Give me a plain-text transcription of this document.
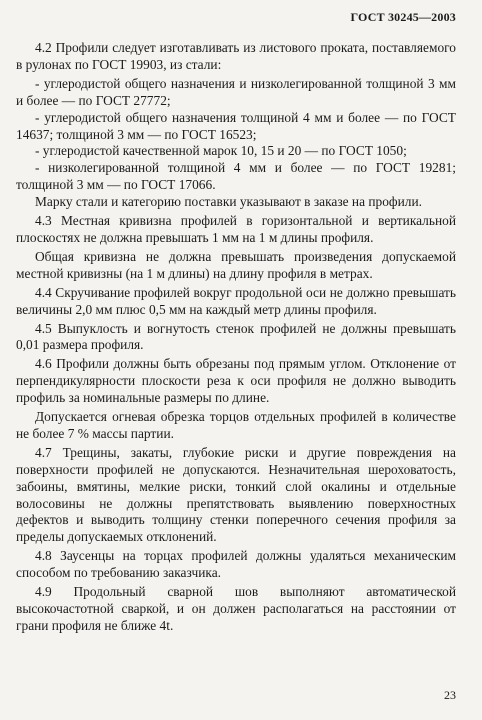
ГОСТ 30245—2003

4.2 Профили следует изготавливать из листового проката, поставляемого в рулонах по ГОСТ 19903, из стали:

- углеродистой общего назначения и низколегированной толщиной 3 мм и более — по ГОСТ 27772;

- углеродистой общего назначения толщиной 4 мм и более — по ГОСТ 14637; толщиной 3 мм — по ГОСТ 16523;

- углеродистой качественной марок 10, 15 и 20 — по ГОСТ 1050;

- низколегированной толщиной 4 мм и более — по ГОСТ 19281; толщиной 3 мм — по ГОСТ 17066.

Марку стали и категорию поставки указывают в заказе на профили.

4.3 Местная кривизна профилей в горизонтальной и вертикальной плоскостях не должна превышать 1 мм на 1 м длины профиля.

Общая кривизна не должна превышать произведения допускаемой местной кривизны (на 1 м длины) на длину профиля в метрах.

4.4 Скручивание профилей вокруг продольной оси не должно превышать величины 2,0 мм плюс 0,5 мм на каждый метр длины профиля.

4.5 Выпуклость и вогнутость стенок профилей не должны превышать 0,01 размера профиля.

4.6 Профили должны быть обрезаны под прямым углом. Отклонение от перпендикулярности плоскости реза к оси профиля не должно выводить профиль за номинальные размеры по длине.

Допускается огневая обрезка торцов отдельных профилей в количестве не более 7 % массы партии.

4.7 Трещины, закаты, глубокие риски и другие повреждения на поверхности профилей не допускаются. Незначительная шероховатость, забоины, вмятины, мелкие риски, тонкий слой окалины и отдельные волосовины не должны препятствовать выявлению поверхностных дефектов и выводить толщину стенки поперечного сечения профиля за пределы допускаемых отклонений.

4.8 Заусенцы на торцах профилей должны удаляться механическим способом по требованию заказчика.

4.9 Продольный сварной шов выполняют автоматической высокочастотной сваркой, и он должен располагаться на расстоянии от грани профиля не ближе 4t.

23
